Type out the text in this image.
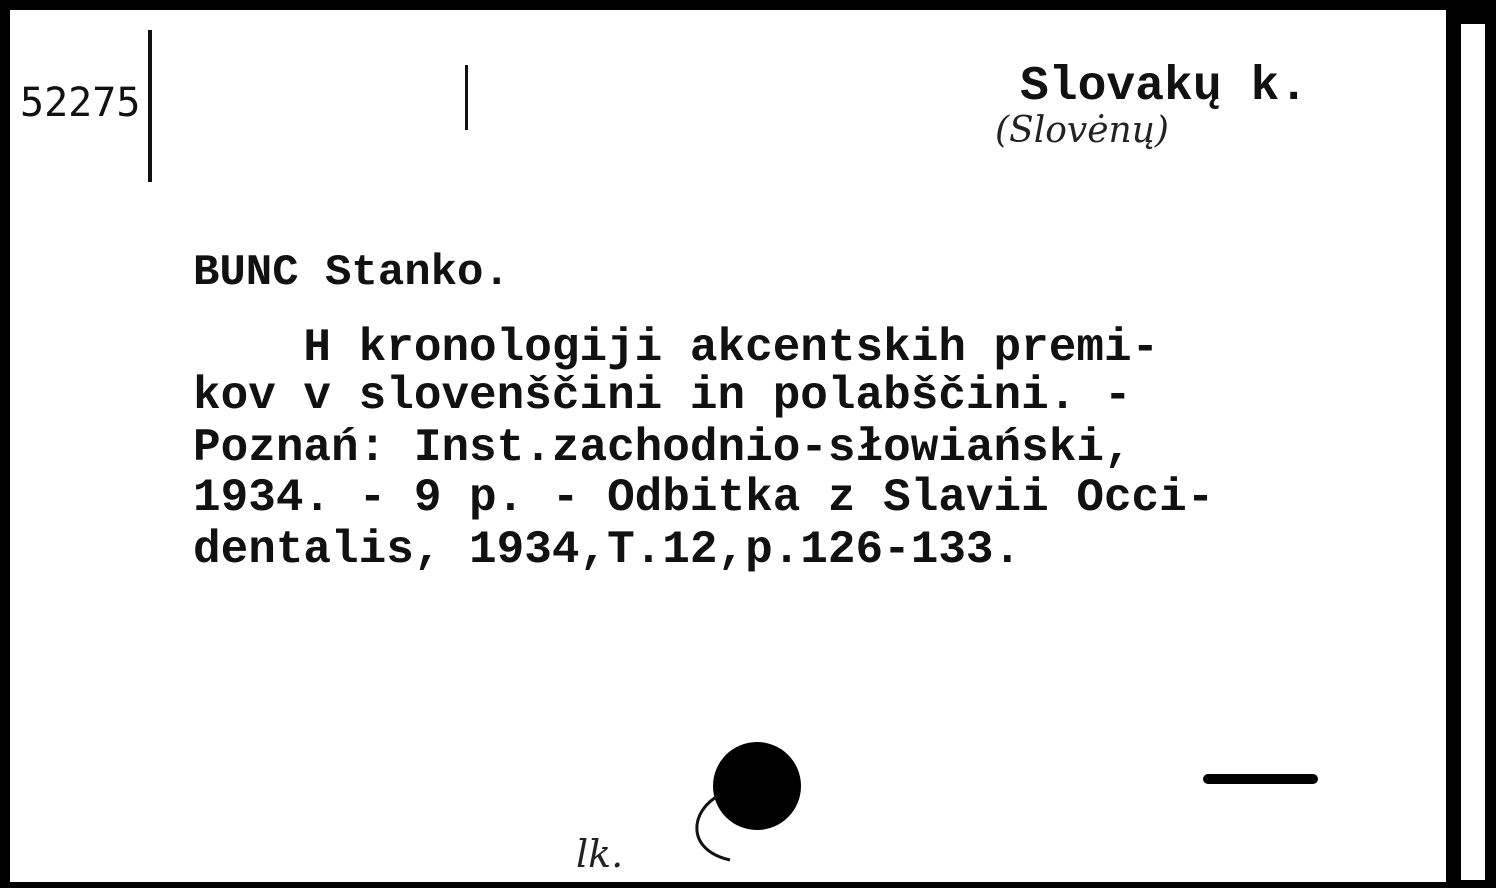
52275	Slovakų k.
(Slovėnų)
BUNC Stanko.
H kronologiji akcentskih premi-
kov v slovenščini in polabščini. -
Poznań: Inst.zachodnio-słowiański,
1934. - 9 p. - Odbitka z Slavii Occi-
dentalis, 1934,T.12,p.126-133.
lk.
